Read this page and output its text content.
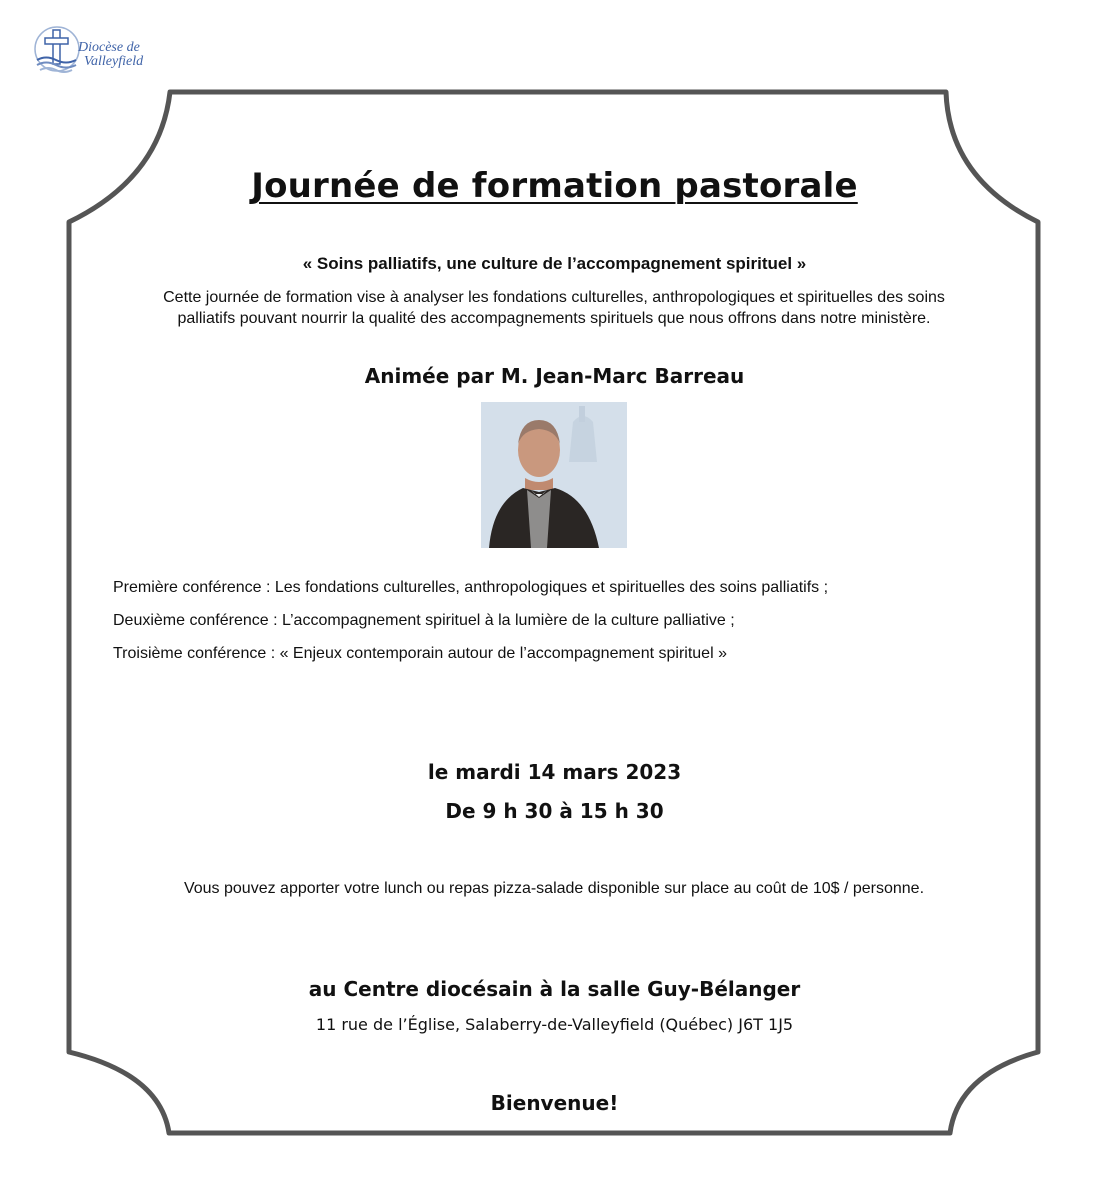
Diocèse de
Valleyfield
Journée de formation pastorale
« Soins palliatifs, une culture de l’accompagnement spirituel »
Cette journée de formation vise à analyser les fondations culturelles, anthropologiques et spirituelles des soins palliatifs pouvant nourrir la qualité des accompagnements spirituels que nous offrons dans notre ministère.
Animée par M. Jean-Marc Barreau
Première conférence : Les fondations culturelles, anthropologiques et spirituelles des soins palliatifs ;
Deuxième conférence : L’accompagnement spirituel à la lumière de la culture palliative ;
Troisième conférence : « Enjeux contemporain autour de l’accompagnement spirituel »
le mardi 14 mars 2023
De 9 h 30 à 15 h 30
Vous pouvez apporter votre lunch ou repas pizza-salade disponible sur place au coût de 10$ / personne.
au Centre diocésain à la salle Guy-Bélanger
11 rue de l’Église, Salaberry-de-Valleyfield (Québec) J6T 1J5
Bienvenue!
